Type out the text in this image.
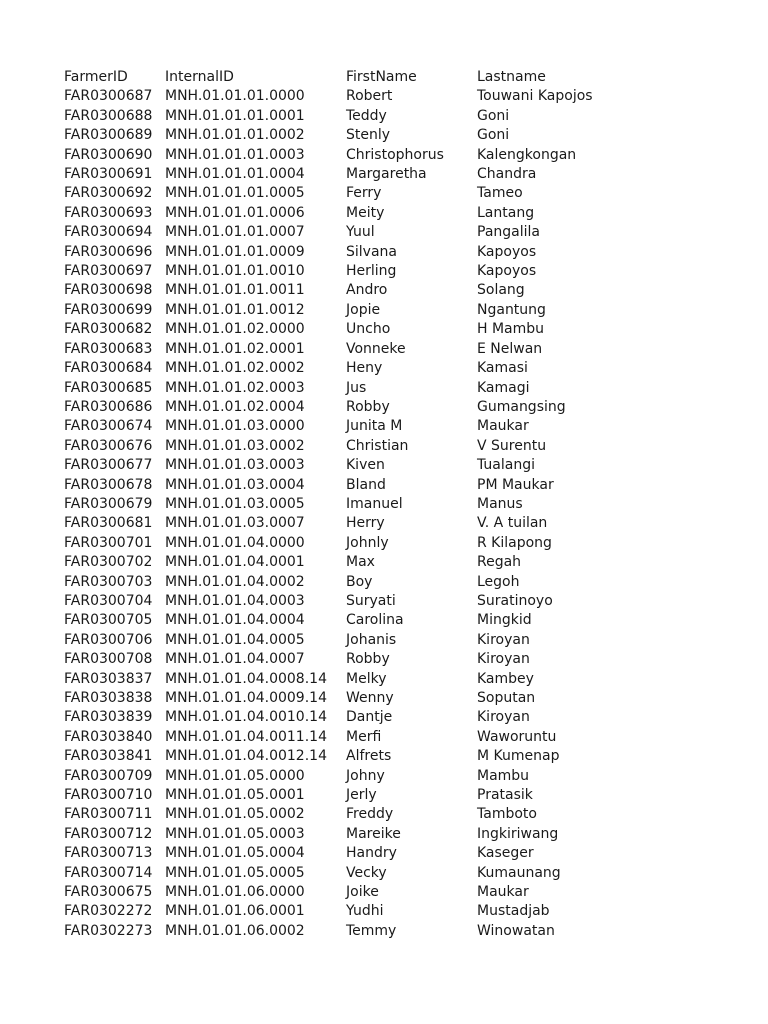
FarmerID	InternalID	FirstName	Lastname
FAR0300687	MNH.01.01.01.0000	Robert	Touwani Kapojos
FAR0300688	MNH.01.01.01.0001	Teddy	Goni
FAR0300689	MNH.01.01.01.0002	Stenly	Goni
FAR0300690	MNH.01.01.01.0003	Christophorus	Kalengkongan
FAR0300691	MNH.01.01.01.0004	Margaretha	Chandra
FAR0300692	MNH.01.01.01.0005	Ferry	Tameo
FAR0300693	MNH.01.01.01.0006	Meity	Lantang
FAR0300694	MNH.01.01.01.0007	Yuul	Pangalila
FAR0300696	MNH.01.01.01.0009	Silvana	Kapoyos
FAR0300697	MNH.01.01.01.0010	Herling	Kapoyos
FAR0300698	MNH.01.01.01.0011	Andro	Solang
FAR0300699	MNH.01.01.01.0012	Jopie	Ngantung
FAR0300682	MNH.01.01.02.0000	Uncho	H Mambu
FAR0300683	MNH.01.01.02.0001	Vonneke	E Nelwan
FAR0300684	MNH.01.01.02.0002	Heny	Kamasi
FAR0300685	MNH.01.01.02.0003	Jus	Kamagi
FAR0300686	MNH.01.01.02.0004	Robby	Gumangsing
FAR0300674	MNH.01.01.03.0000	Junita M	Maukar
FAR0300676	MNH.01.01.03.0002	Christian	V Surentu
FAR0300677	MNH.01.01.03.0003	Kiven	Tualangi
FAR0300678	MNH.01.01.03.0004	Bland	PM Maukar
FAR0300679	MNH.01.01.03.0005	Imanuel	Manus
FAR0300681	MNH.01.01.03.0007	Herry	V. A tuilan
FAR0300701	MNH.01.01.04.0000	Johnly	R Kilapong
FAR0300702	MNH.01.01.04.0001	Max	Regah
FAR0300703	MNH.01.01.04.0002	Boy	Legoh
FAR0300704	MNH.01.01.04.0003	Suryati	Suratinoyo
FAR0300705	MNH.01.01.04.0004	Carolina	Mingkid
FAR0300706	MNH.01.01.04.0005	Johanis	Kiroyan
FAR0300708	MNH.01.01.04.0007	Robby	Kiroyan
FAR0303837	MNH.01.01.04.0008.14	Melky	Kambey
FAR0303838	MNH.01.01.04.0009.14	Wenny	Soputan
FAR0303839	MNH.01.01.04.0010.14	Dantje	Kiroyan
FAR0303840	MNH.01.01.04.0011.14	Merfi	Waworuntu
FAR0303841	MNH.01.01.04.0012.14	Alfrets	M Kumenap
FAR0300709	MNH.01.01.05.0000	Johny	Mambu
FAR0300710	MNH.01.01.05.0001	Jerly	Pratasik
FAR0300711	MNH.01.01.05.0002	Freddy	Tamboto
FAR0300712	MNH.01.01.05.0003	Mareike	Ingkiriwang
FAR0300713	MNH.01.01.05.0004	Handry	Kaseger
FAR0300714	MNH.01.01.05.0005	Vecky	Kumaunang
FAR0300675	MNH.01.01.06.0000	Joike	Maukar
FAR0302272	MNH.01.01.06.0001	Yudhi	Mustadjab
FAR0302273	MNH.01.01.06.0002	Temmy	Winowatan
